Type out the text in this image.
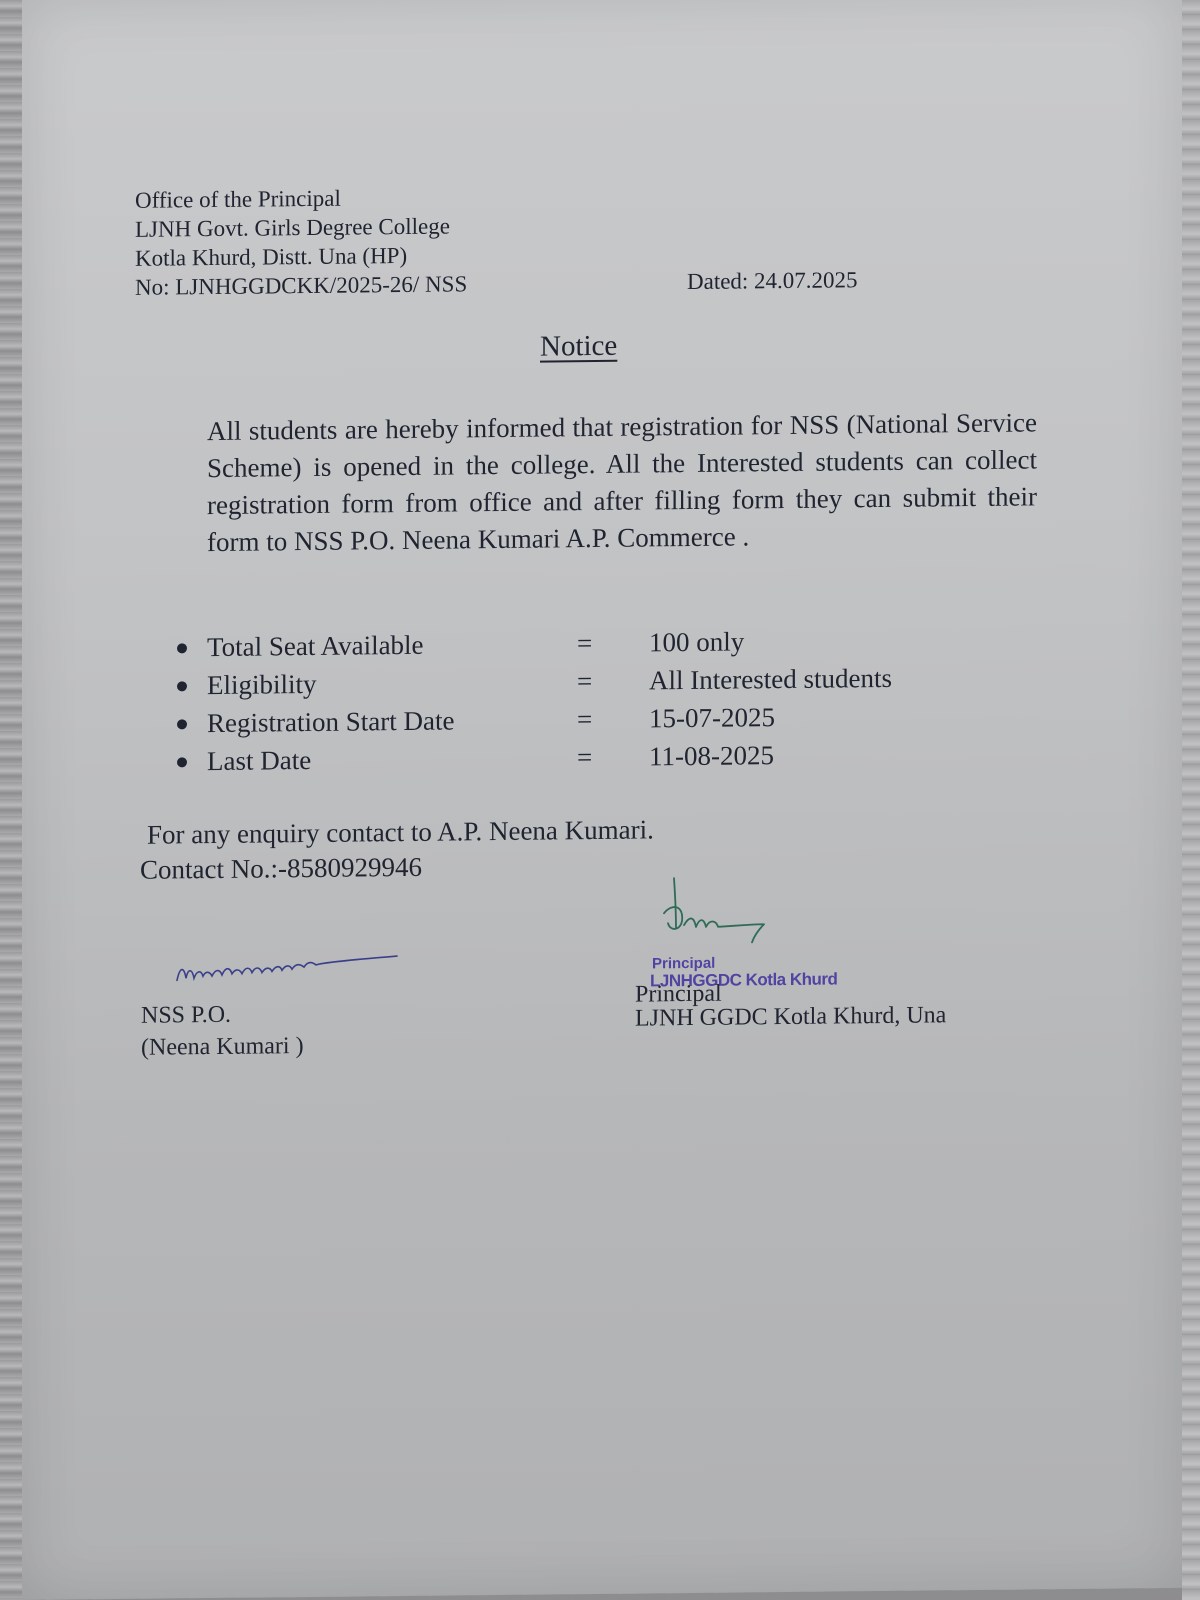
Office of the Principal
LJNH Govt. Girls Degree College
Kotla Khurd, Distt. Una (HP)
No: LJNHGGDCKK/2025-26/ NSS	Dated: 24.07.2025
Notice
All students are hereby informed that registration for NSS (National Service Scheme) is opened in the college. All the Interested students can collect registration form from office and after filling form they can submit their form to NSS P.O. Neena Kumari A.P. Commerce .
Total Seat Available	= 100 only
Eligibility	= All Interested students
Registration Start Date	= 15-07-2025
Last Date	= 11-08-2025
For any enquiry contact to A.P. Neena Kumari.
Contact No.:-8580929946
NSS P.O.
(Neena Kumari )
Principal
LJNHGGDC Kotla Khurd
Principal
LJNH GGDC Kotla Khurd, Una
